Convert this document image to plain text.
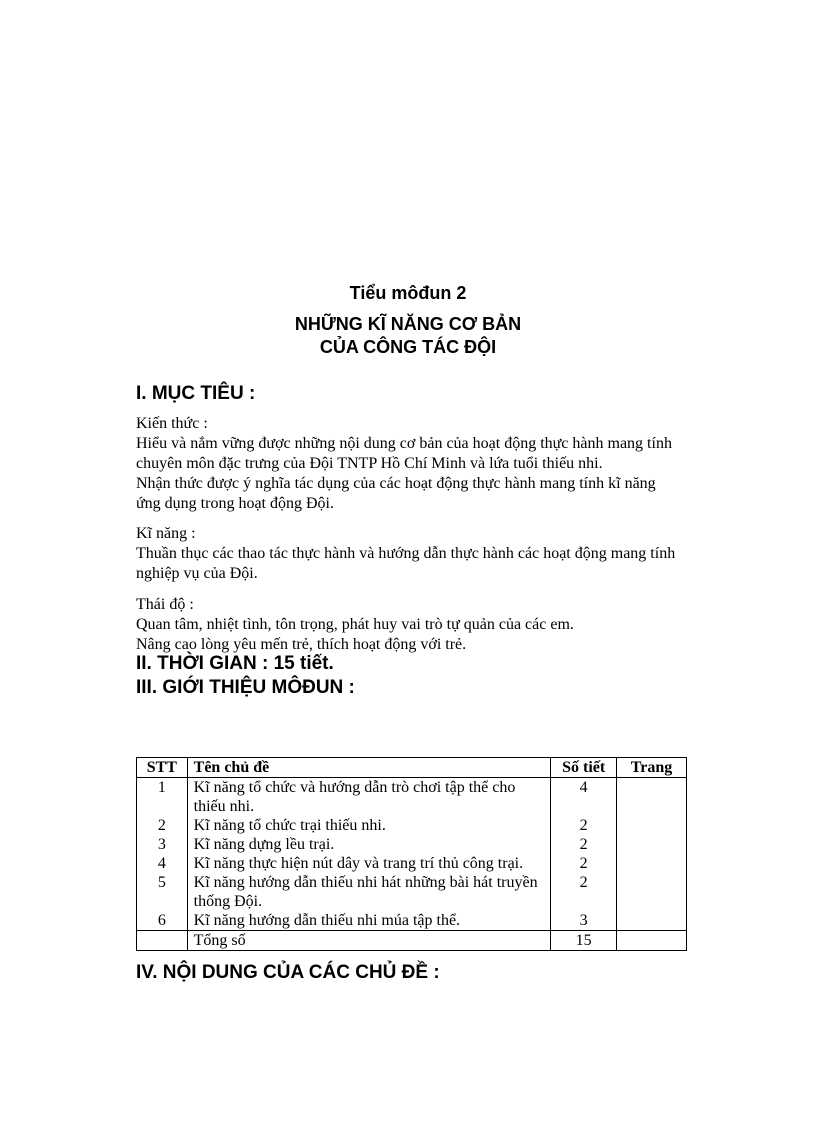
Tiểu môđun 2
NHỮNG KĨ NĂNG CƠ BẢN
CỦA CÔNG TÁC ĐỘI
I. MỤC TIÊU :

Kiến thức :

Hiểu và nắm vững được những nội dung cơ bản của hoạt động thực hành mang tính

chuyên môn đặc trưng của Đội TNTP Hồ Chí Minh và lứa tuổi thiếu nhi.

Nhận thức được ý nghĩa tác dụng của các hoạt động thực hành mang tính kĩ năng

ứng dụng trong hoạt động Đội.

Kĩ năng :

Thuần thục các thao tác thực hành và hướng dẫn thực hành các hoạt động mang tính

nghiệp vụ của Đội.

Thái độ :

Quan tâm, nhiệt tình, tôn trọng, phát huy vai trò tự quản của các em.

Nâng cao lòng yêu mến trẻ, thích hoạt động với trẻ.

II. THỜI GIAN : 15 tiết.
III. GIỚI THIỆU MÔĐUN :
STT	Tên chủ đề	Số tiết	Trang
1	Kĩ năng tổ chức và hướng dẫn trò chơi tập thể cho thiếu nhi.	4	
2	Kĩ năng tổ chức trại thiếu nhi.	2	
3	Kĩ năng dựng lều trại.	2	
4	Kĩ năng thực hiện nút dây và trang trí thủ công trại.	2	
5	Kĩ năng hướng dẫn thiếu nhi hát những bài hát truyền thống Đội.	2	
6	Kĩ năng hướng dẫn thiếu nhi múa tập thể.	3	
	Tổng số	15	
IV. NỘI DUNG CỦA CÁC CHỦ ĐỀ :
